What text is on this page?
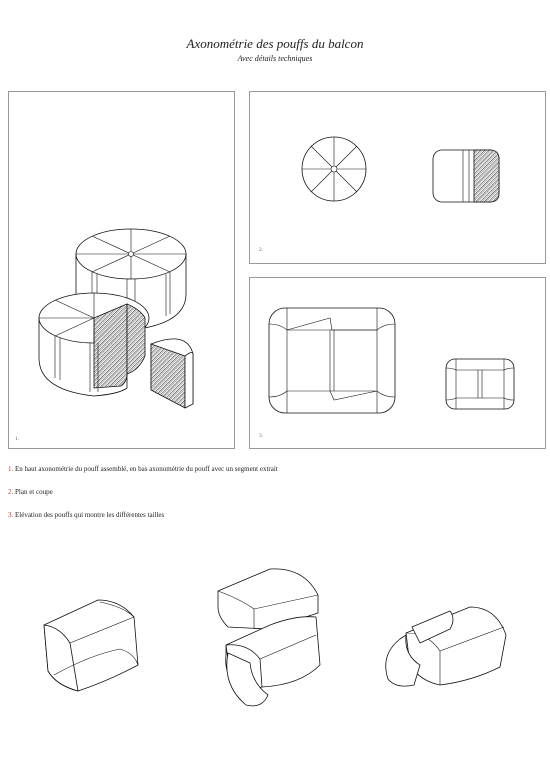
Axonométrie des pouffs du balcon
Avec détails techniques
1.
2.
3.
1. En haut axonométrie du pouff assemblé, en bas axonométrie du pouff avec un segment extrait
2. Plan et coupe
3. Elévation des pouffs qui montre les différentes tailles
